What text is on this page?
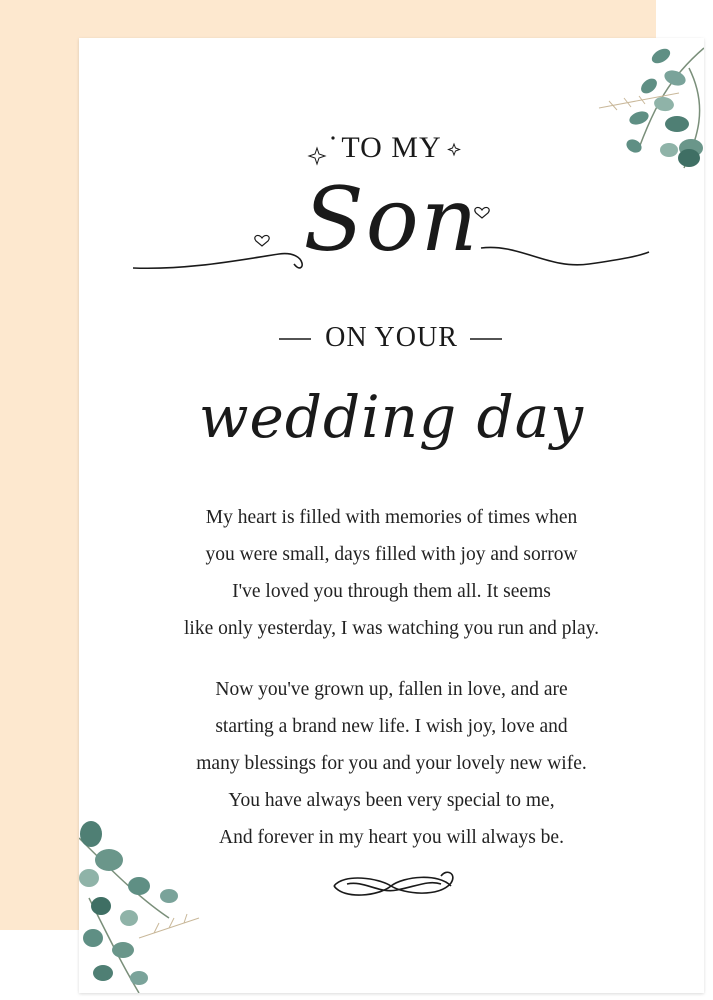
TO MY
Son
ON YOUR
wedding day

My heart is filled with memories of times when

you were small, days filled with joy and sorrow

I've loved you through them all. It seems

like only yesterday, I was watching you run and play.

Now you've grown up, fallen in love, and are

starting a brand new life. I wish joy, love and

many blessings for you and your lovely new wife.

You have always been very special to me,

And forever in my heart you will always be.
